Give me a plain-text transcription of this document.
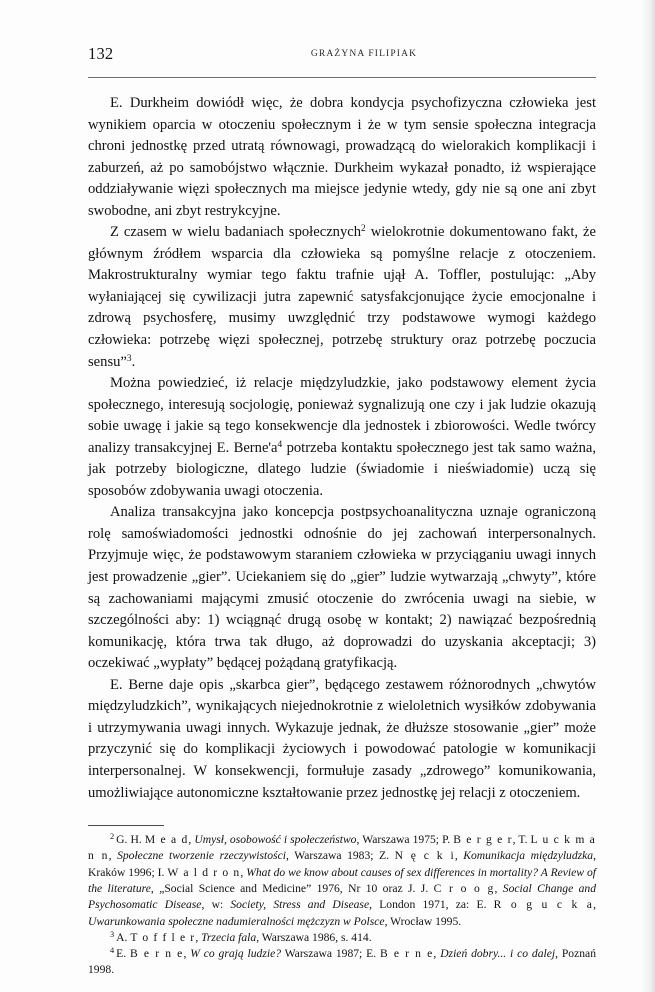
132	GRAŻYNA FILIPIAK

E. Durkheim dowiódł więc, że dobra kondycja psychofizyczna człowieka jest wynikiem oparcia w otoczeniu społecznym i że w tym sensie społeczna integracja chroni jednostkę przed utratą równowagi, prowadzącą do wielorakich komplikacji i zaburzeń, aż po samobójstwo włącznie. Durkheim wykazał ponadto, iż wspierające oddziaływanie więzi społecznych ma miejsce jedynie wtedy, gdy nie są one ani zbyt swobodne, ani zbyt restrykcyjne.

Z czasem w wielu badaniach społecznych$^2$ wielokrotnie dokumentowano fakt, że głównym źródłem wsparcia dla człowieka są pomyślne relacje z otoczeniem. Makrostrukturalny wymiar tego faktu trafnie ujął A. Toffler, postulując: „Aby wyłaniającej się cywilizacji jutra zapewnić satysfakcjonujące życie emocjonalne i zdrową psychosferę, musimy uwzględnić trzy podstawowe wymogi każdego człowieka: potrzebę więzi społecznej, potrzebę struktury oraz potrzebę poczucia sensu”$^3$.

Można powiedzieć, iż relacje międzyludzkie, jako podstawowy element życia społecznego, interesują socjologię, ponieważ sygnalizują one czy i jak ludzie okazują sobie uwagę i jakie są tego konsekwencje dla jednostek i zbiorowości. Wedle twórcy analizy transakcyjnej E. $Berne'a^4$ potrzeba kontaktu społecznego jest tak samo ważna, jak potrzeby biologiczne, dlatego ludzie (świadomie i nieświadomie) uczą się sposobów zdobywania uwagi otoczenia.

Analiza transakcyjna jako koncepcja postpsychoanalityczna uznaje ograniczoną rolę samoświadomości jednostki odnośnie do jej zachowań interpersonalnych. Przyjmuje więc, że podstawowym staraniem człowieka w przyciąganiu uwagi innych jest prowadzenie „gier”. Uciekaniem się do „gier” ludzie wytwarzają „chwyty”, które są zachowaniami mającymi zmusić otoczenie do zwrócenia uwagi na siebie, w szczególności aby: 1) wciągnąć drugą osobę w kontakt; 2) nawiązać bezpośrednią komunikację, która trwa tak długo, aż doprowadzi do uzyskania akceptacji; 3) oczekiwać „wypłaty” będącej pożądaną gratyfikacją.

E. Berne daje opis „skarbca gier”, będącego zestawem różnorodnych „chwytów międzyludzkich”, wynikających niejednokrotnie z wieloletnich wysiłków zdobywania i utrzymywania uwagi innych. Wykazuje jednak, że dłuższe stosowanie „gier” może przyczynić się do komplikacji życiowych i powodować patologie w komunikacji interpersonalnej. W konsekwencji, formułuje zasady „zdrowego” komunikowania, umożliwiające autonomiczne kształtowanie przez jednostkę jej relacji z otoczeniem.

$^2$ G. H. M e a d, Umysł, osobowość i społeczeństwo, Warszawa 1975; P. B e r g e r, T. L u c k m a n n, Społeczne tworzenie rzeczywistości, Warszawa 1983; Z. N ę c k i, Komunikacja międzyludzka, Kraków 1996; I. W a l d r o n, What do we know about causes of sex differences in mortality? A Review of the literature, „Social Science and Medicine” 1976, Nr 10 oraz J. J. C r o o g, Social Change and Psychosomatic Disease, w: Society, Stress and Disease, London 1971, za: E. R o g u c k a, Uwarunkowania społeczne nadumieralności mężczyzn w Polsce, Wrocław 1995.

$^3$ A. T o f f l e r, Trzecia fala, Warszawa 1986, s. 414.

$^4$ E. B e r n e, W co grają ludzie? Warszawa 1987; E. B e r n e, Dzień dobry... i co dalej, Poznań 1998.
